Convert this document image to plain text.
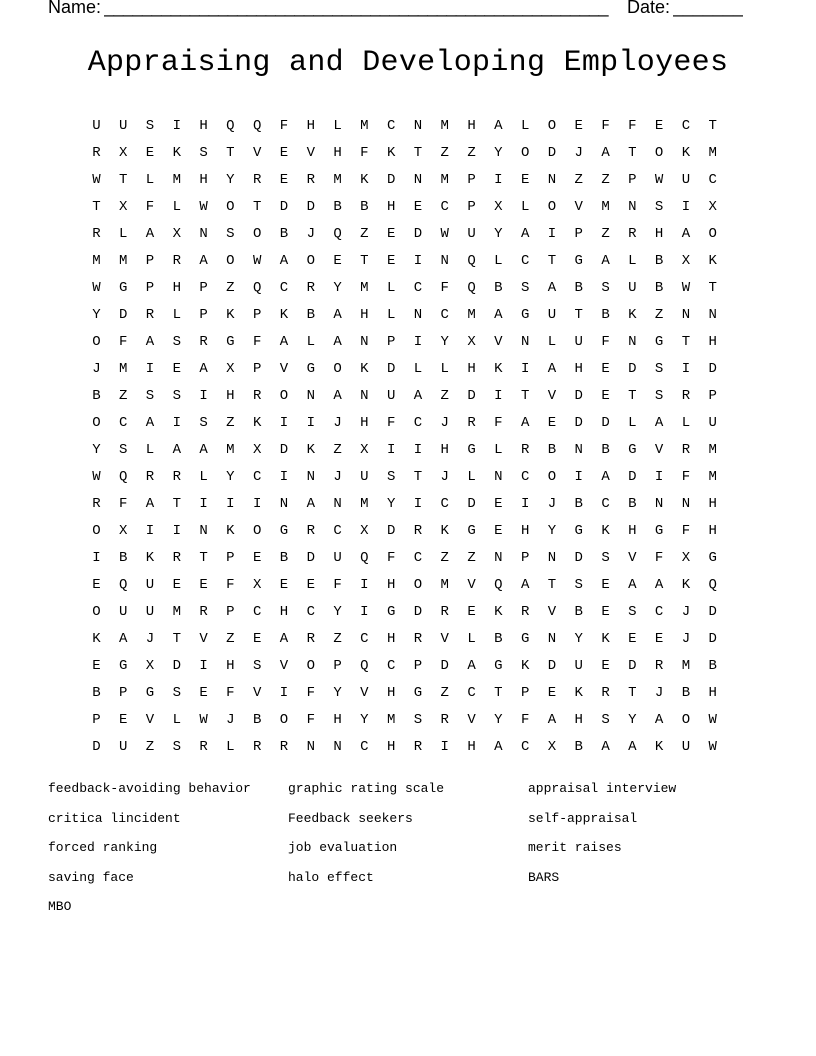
Name: _____________________________________________________ Date: _______
Appraising and Developing Employees
U	U	S	I	H	Q	Q	F	H	L	M	C	N	M	H	A	L	O	E	F	F	E	C	T
R	X	E	K	S	T	V	E	V	H	F	K	T	Z	Z	Y	O	D	J	A	T	O	K	M
W	T	L	M	H	Y	R	E	R	M	K	D	N	M	P	I	E	N	Z	Z	P	W	U	C
T	X	F	L	W	O	T	D	D	B	B	H	E	C	P	X	L	O	V	M	N	S	I	X
R	L	A	X	N	S	O	B	J	Q	Z	E	D	W	U	Y	A	I	P	Z	R	H	A	O
M	M	P	R	A	O	W	A	O	E	T	E	I	N	Q	L	C	T	G	A	L	B	X	K
W	G	P	H	P	Z	Q	C	R	Y	M	L	C	F	Q	B	S	A	B	S	U	B	W	T
Y	D	R	L	P	K	P	K	B	A	H	L	N	C	M	A	G	U	T	B	K	Z	N	N
O	F	A	S	R	G	F	A	L	A	N	P	I	Y	X	V	N	L	U	F	N	G	T	H
J	M	I	E	A	X	P	V	G	O	K	D	L	L	H	K	I	A	H	E	D	S	I	D
B	Z	S	S	I	H	R	O	N	A	N	U	A	Z	D	I	T	V	D	E	T	S	R	P
O	C	A	I	S	Z	K	I	I	J	H	F	C	J	R	F	A	E	D	D	L	A	L	U
Y	S	L	A	A	M	X	D	K	Z	X	I	I	H	G	L	R	B	N	B	G	V	R	M
W	Q	R	R	L	Y	C	I	N	J	U	S	T	J	L	N	C	O	I	A	D	I	F	M
R	F	A	T	I	I	I	N	A	N	M	Y	I	C	D	E	I	J	B	C	B	N	N	H
O	X	I	I	N	K	O	G	R	C	X	D	R	K	G	E	H	Y	G	K	H	G	F	H
I	B	K	R	T	P	E	B	D	U	Q	F	C	Z	Z	N	P	N	D	S	V	F	X	G
E	Q	U	E	E	F	X	E	E	F	I	H	O	M	V	Q	A	T	S	E	A	A	K	Q
O	U	U	M	R	P	C	H	C	Y	I	G	D	R	E	K	R	V	B	E	S	C	J	D
K	A	J	T	V	Z	E	A	R	Z	C	H	R	V	L	B	G	N	Y	K	E	E	J	D
E	G	X	D	I	H	S	V	O	P	Q	C	P	D	A	G	K	D	U	E	D	R	M	B
B	P	G	S	E	F	V	I	F	Y	V	H	G	Z	C	T	P	E	K	R	T	J	B	H
P	E	V	L	W	J	B	O	F	H	Y	M	S	R	V	Y	F	A	H	S	Y	A	O	W
D	U	Z	S	R	L	R	R	N	N	C	H	R	I	H	A	C	X	B	A	A	K	U	W
feedback-avoiding behavior
critica lincident
forced ranking
saving face
MBO
graphic rating scale
Feedback seekers
job evaluation
halo effect
appraisal interview
self-appraisal
merit raises
BARS
